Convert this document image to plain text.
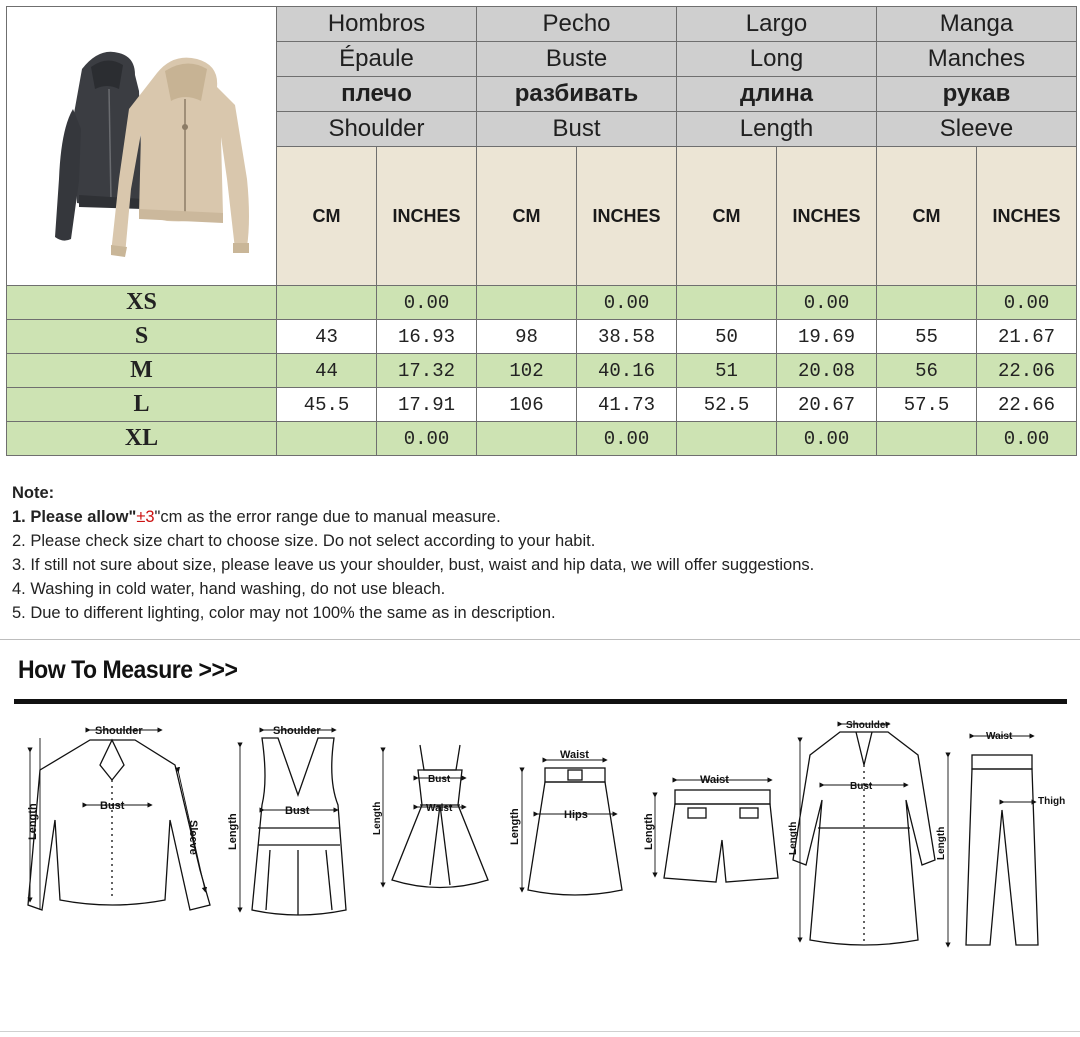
	Hombros		Pecho		Largo		Manga	
	Épaule		Buste		Long		Manches	
	плечо		разбивать		длина		рукав	
	Shoulder		Bust		Length		Sleeve	
	CM	INCHES	CM	INCHES	CM	INCHES	CM	INCHES
XS		0.00		0.00		0.00		0.00
S	43	16.93	98	38.58	50	19.69	55	21.67
M	44	17.32	102	40.16	51	20.08	56	22.06
L	45.5	17.91	106	41.73	52.5	20.67	57.5	22.66
XL		0.00		0.00		0.00		0.00
Note:
1. Please allow"±3"cm as the error range due to manual measure.
2. Please check size chart to choose size. Do not select according to your habit.
3. If still not sure about size, please leave us your shoulder, bust, waist and hip data, we will offer suggestions.
4. Washing in cold water, hand washing, do not use bleach.
5. Due to different lighting, color may not 100% the same as in description.
How To Measure >>>
Shoulder
Bust
Sleeve
Length
Shoulder
Bust
Length
Bust
Waist
Length
Waist
Hips
Length
Waist
Length
Shoulder
Bust
Length
Waist
Thigh
Length
